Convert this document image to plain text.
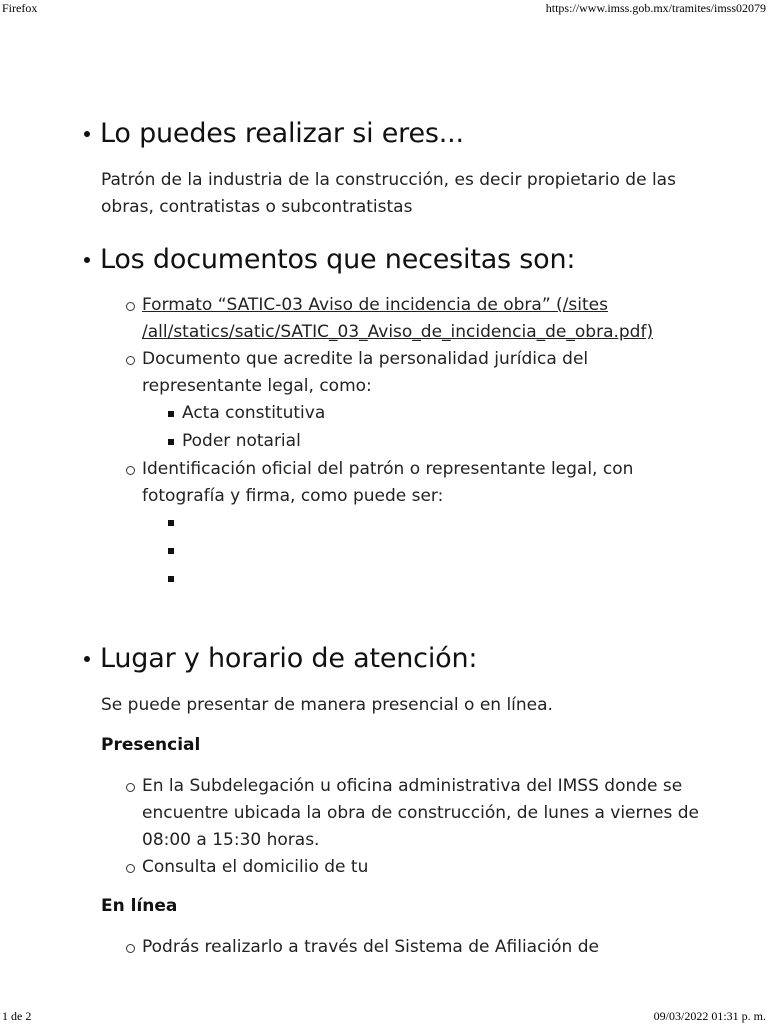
Firefox	https://www.imss.gob.mx/tramites/imss02079
Lo puedes realizar si eres...
Patrón de la industria de la construcción, es decir propietario de las obras, contratistas o subcontratistas
Los documentos que necesitas son:
Formato “SATIC-03 Aviso de incidencia de obra” (/sites /all/statics/satic/SATIC_03_Aviso_de_incidencia_de_obra.pdf)
Documento que acredite la personalidad jurídica del representante legal, como:
Acta constitutiva
Poder notarial
Identificación oficial del patrón o representante legal, con fotografía y firma, como puede ser:
Lugar y horario de atención:
Se puede presentar de manera presencial o en línea.
Presencial
En la Subdelegación u oficina administrativa del IMSS donde se encuentre ubicada la obra de construcción, de lunes a viernes de 08:00 a 15:30 horas.
Consulta el domicilio de tu
En línea
Podrás realizarlo a través del Sistema de Afiliación de
1 de 2	09/03/2022 01:31 p. m.
